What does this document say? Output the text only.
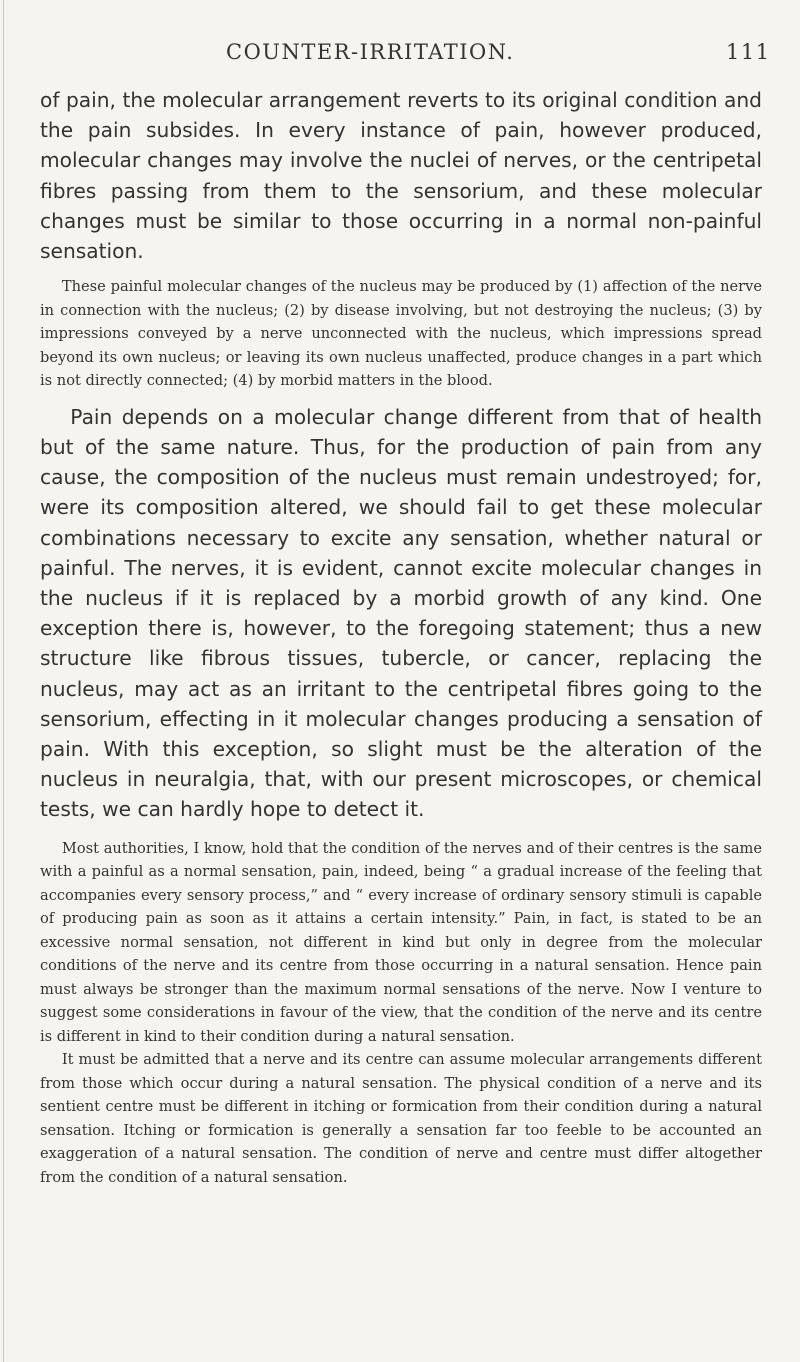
COUNTER-IRRITATION.	111

of pain, the molecular arrangement reverts to its original condition and the pain subsides. In every instance of pain, however produced, molecular changes may involve the nuclei of nerves, or the centripetal fibres passing from them to the sensorium, and these molecular changes must be similar to those occurring in a normal non-painful sensation.

These painful molecular changes of the nucleus may be produced by (1) affection of the nerve in connection with the nucleus; (2) by disease involving, but not destroying the nucleus; (3) by impressions conveyed by a nerve unconnected with the nucleus, which impressions spread beyond its own nucleus; or leaving its own nucleus unaffected, produce changes in a part which is not directly connected; (4) by morbid matters in the blood.

Pain depends on a molecular change different from that of health but of the same nature. Thus, for the production of pain from any cause, the composition of the nucleus must remain undestroyed; for, were its composition altered, we should fail to get these molecular combinations necessary to excite any sensation, whether natural or painful. The nerves, it is evident, cannot excite molecular changes in the nucleus if it is replaced by a morbid growth of any kind. One exception there is, however, to the foregoing statement; thus a new structure like fibrous tissues, tubercle, or cancer, replacing the nucleus, may act as an irritant to the centripetal fibres going to the sensorium, effecting in it molecular changes producing a sensation of pain. With this exception, so slight must be the alteration of the nucleus in neuralgia, that, with our present microscopes, or chemical tests, we can hardly hope to detect it.

Most authorities, I know, hold that the condition of the nerves and of their centres is the same with a painful as a normal sensation, pain, indeed, being “ a gradual increase of the feeling that accompanies every sensory process,” and “ every increase of ordinary sensory stimuli is capable of producing pain as soon as it attains a certain intensity.” Pain, in fact, is stated to be an excessive normal sensation, not different in kind but only in degree from the molecular conditions of the nerve and its centre from those occurring in a natural sensation. Hence pain must always be stronger than the maximum normal sensations of the nerve. Now I venture to suggest some considerations in favour of the view, that the condition of the nerve and its centre is different in kind to their condition during a natural sensation.

It must be admitted that a nerve and its centre can assume molecular arrangements different from those which occur during a natural sensation. The physical condition of a nerve and its sentient centre must be different in itching or formication from their condition during a natural sensation. Itching or formication is generally a sensation far too feeble to be accounted an exaggeration of a natural sensation. The condition of nerve and centre must differ altogether from the condition of a natural sensation.
